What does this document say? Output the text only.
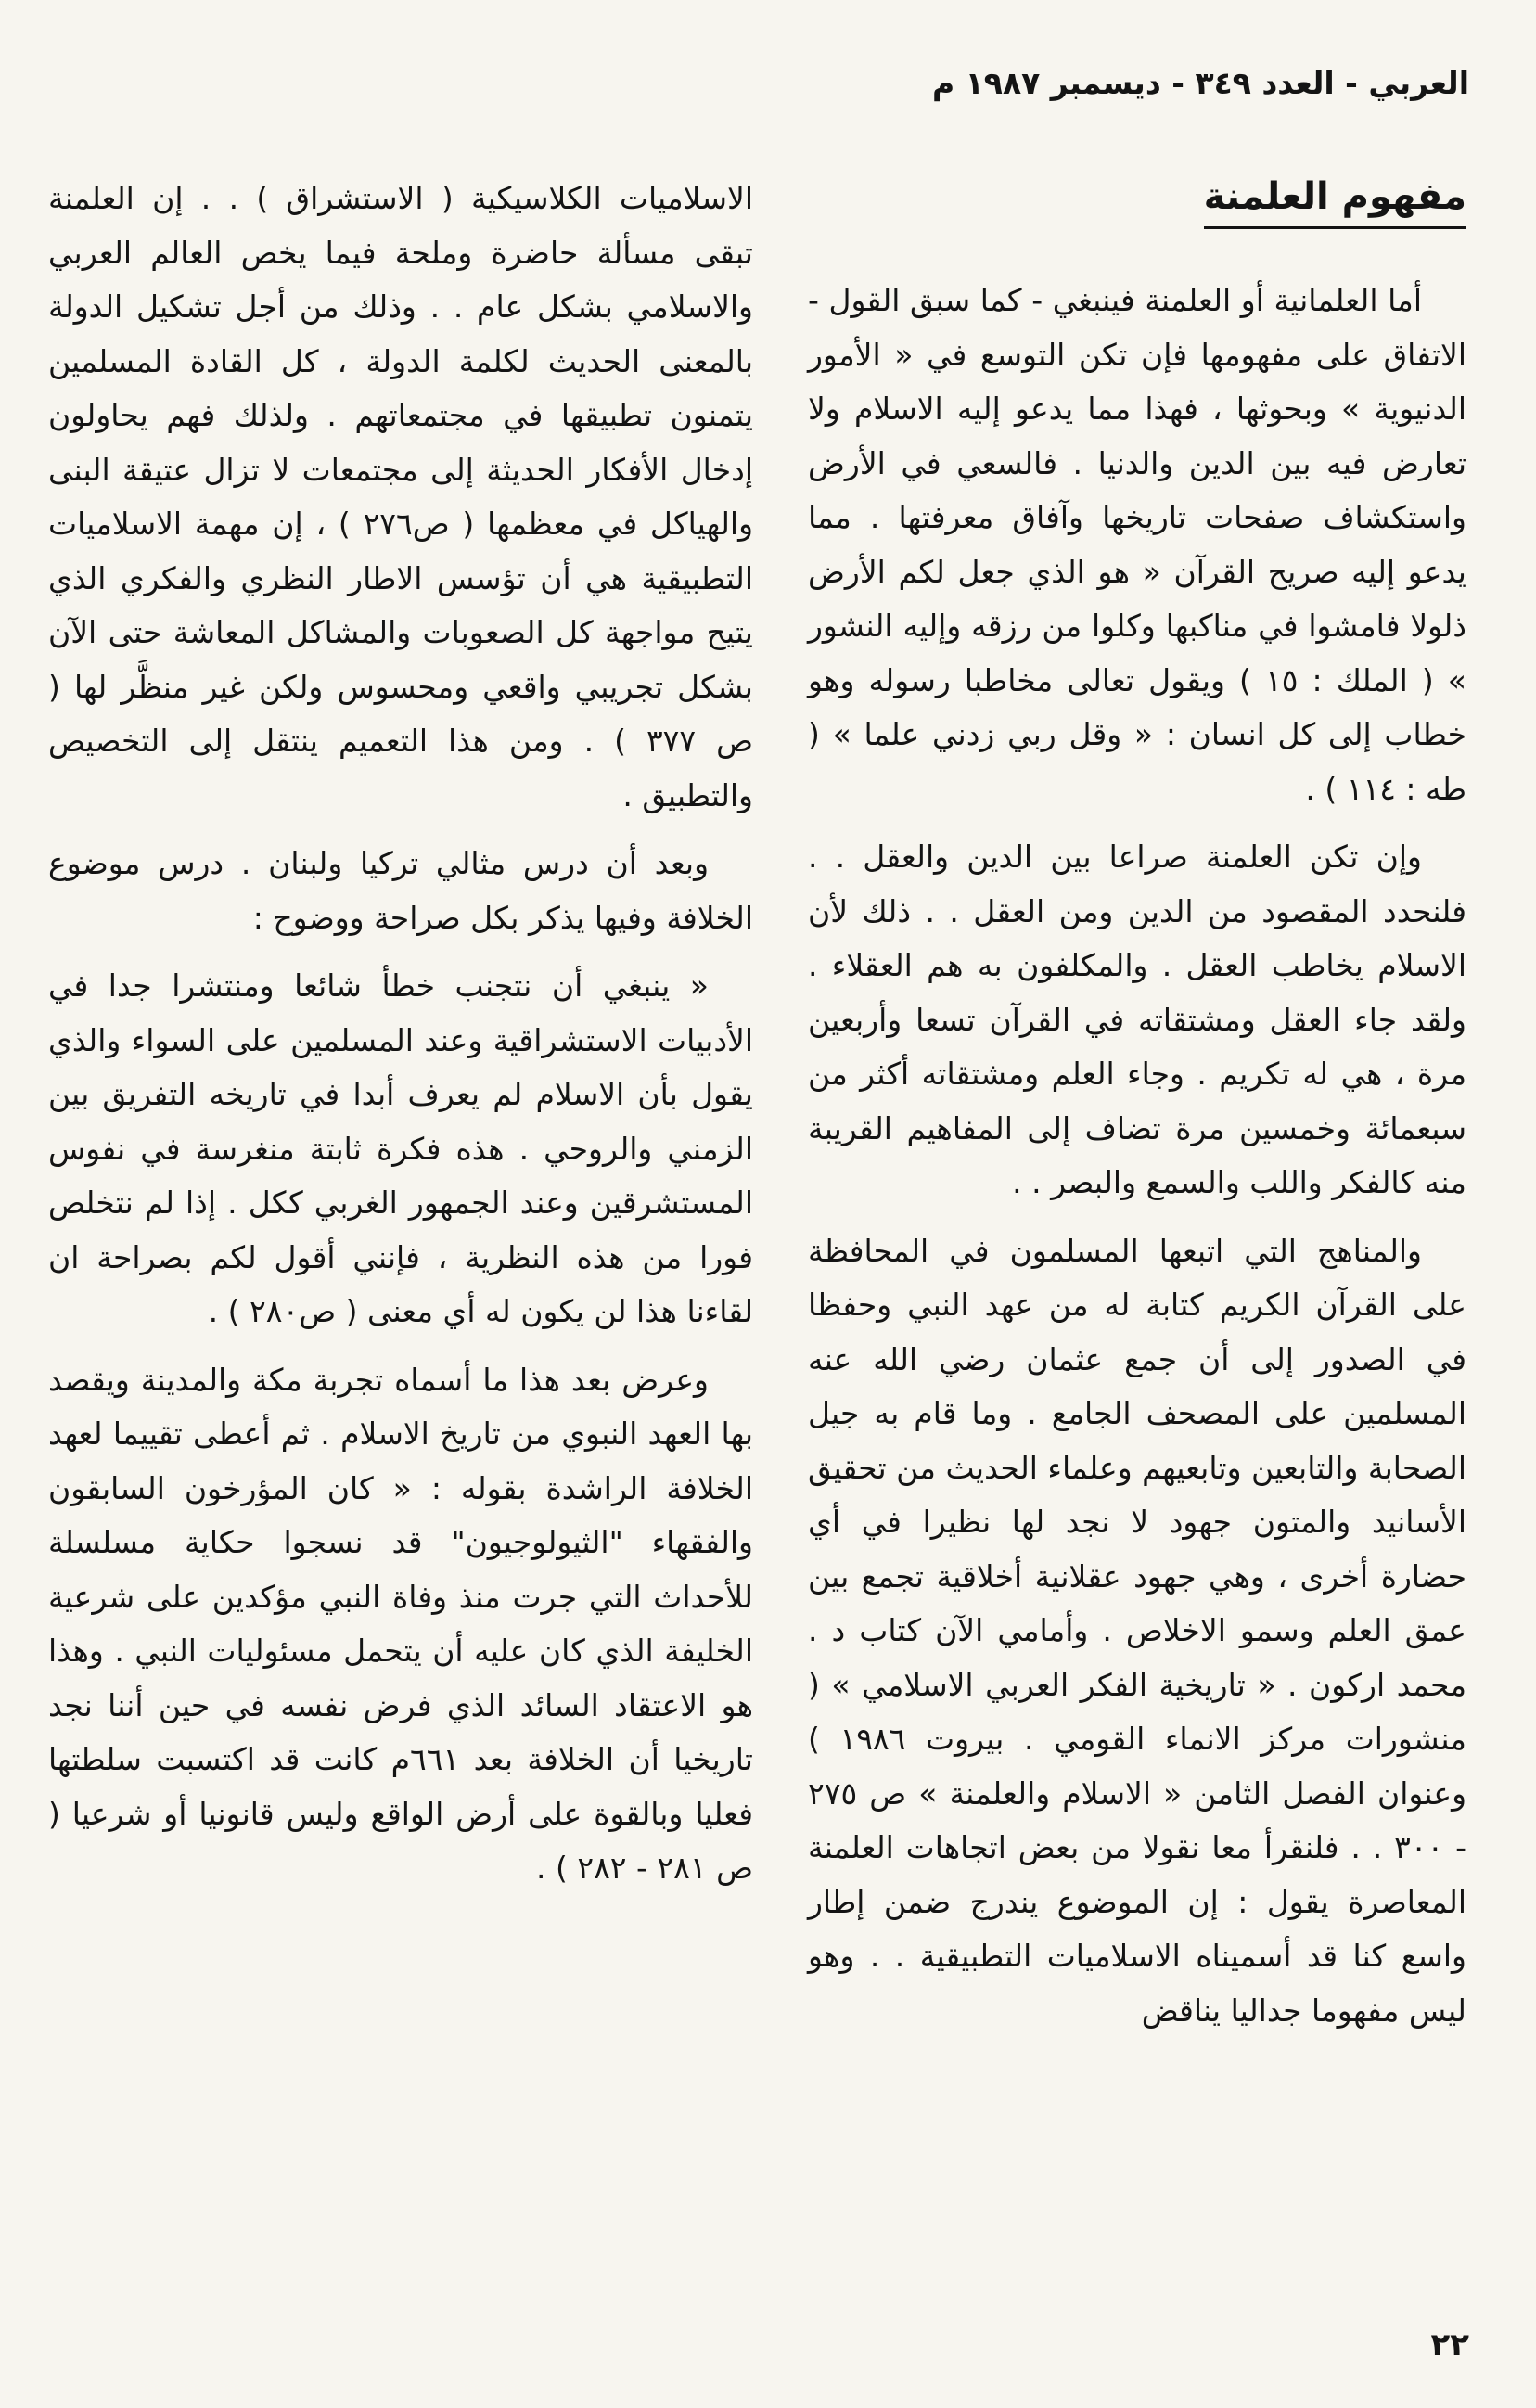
العربي - العدد ٣٤٩ - ديسمبر ١٩٨٧ م
مفهوم العلمنة

أما العلمانية أو العلمنة فينبغي - كما سبق القول - الاتفاق على مفهومها فإن تكن التوسع في « الأمور الدنيوية » وبحوثها ، فهذا مما يدعو إليه الاسلام ولا تعارض فيه بين الدين والدنيا . فالسعي في الأرض واستكشاف صفحات تاريخها وآفاق معرفتها . مما يدعو إليه صريح القرآن « هو الذي جعل لكم الأرض ذلولا فامشوا في مناكبها وكلوا من رزقه وإليه النشور » ( الملك : ١٥ ) ويقول تعالى مخاطبا رسوله وهو خطاب إلى كل انسان : « وقل ربي زدني علما » ( طه : ١١٤ ) .

وإن تكن العلمنة صراعا بين الدين والعقل . . فلنحدد المقصود من الدين ومن العقل . . ذلك لأن الاسلام يخاطب العقل . والمكلفون به هم العقلاء . ولقد جاء العقل ومشتقاته في القرآن تسعا وأربعين مرة ، هي له تكريم . وجاء العلم ومشتقاته أكثر من سبعمائة وخمسين مرة تضاف إلى المفاهيم القريبة منه كالفكر واللب والسمع والبصر . .

والمناهج التي اتبعها المسلمون في المحافظة على القرآن الكريم كتابة له من عهد النبي وحفظا في الصدور إلى أن جمع عثمان رضي الله عنه المسلمين على المصحف الجامع . وما قام به جيل الصحابة والتابعين وتابعيهم وعلماء الحديث من تحقيق الأسانيد والمتون جهود لا نجد لها نظيرا في أي حضارة أخرى ، وهي جهود عقلانية أخلاقية تجمع بين عمق العلم وسمو الاخلاص . وأمامي الآن كتاب د . محمد اركون . « تاريخية الفكر العربي الاسلامي » ( منشورات مركز الانماء القومي . بيروت ١٩٨٦ ) وعنوان الفصل الثامن « الاسلام والعلمنة » ص ٢٧٥ - ٣٠٠ . . فلنقرأ معا نقولا من بعض اتجاهات العلمنة المعاصرة يقول : إن الموضوع يندرج ضمن إطار واسع كنا قد أسميناه الاسلاميات التطبيقية . . وهو ليس مفهوما جداليا يناقض

الاسلاميات الكلاسيكية ( الاستشراق ) . . إن العلمنة تبقى مسألة حاضرة وملحة فيما يخص العالم العربي والاسلامي بشكل عام . . وذلك من أجل تشكيل الدولة بالمعنى الحديث لكلمة الدولة ، كل القادة المسلمين يتمنون تطبيقها في مجتمعاتهم . ولذلك فهم يحاولون إدخال الأفكار الحديثة إلى مجتمعات لا تزال عتيقة البنى والهياكل في معظمها ( ص٢٧٦ ) ، إن مهمة الاسلاميات التطبيقية هي أن تؤسس الاطار النظري والفكري الذي يتيح مواجهة كل الصعوبات والمشاكل المعاشة حتى الآن بشكل تجريبي واقعي ومحسوس ولكن غير منظَّر لها ( ص ٣٧٧ ) . ومن هذا التعميم ينتقل إلى التخصيص والتطبيق .

وبعد أن درس مثالي تركيا ولبنان . درس موضوع الخلافة وفيها يذكر بكل صراحة ووضوح :

« ينبغي أن نتجنب خطأ شائعا ومنتشرا جدا في الأدبيات الاستشراقية وعند المسلمين على السواء والذي يقول بأن الاسلام لم يعرف أبدا في تاريخه التفريق بين الزمني والروحي . هذه فكرة ثابتة منغرسة في نفوس المستشرقين وعند الجمهور الغربي ككل . إذا لم نتخلص فورا من هذه النظرية ، فإنني أقول لكم بصراحة ان لقاءنا هذا لن يكون له أي معنى ( ص٢٨٠ ) .

وعرض بعد هذا ما أسماه تجربة مكة والمدينة ويقصد بها العهد النبوي من تاريخ الاسلام . ثم أعطى تقييما لعهد الخلافة الراشدة بقوله : « كان المؤرخون السابقون والفقهاء "الثيولوجيون" قد نسجوا حكاية مسلسلة للأحداث التي جرت منذ وفاة النبي مؤكدين على شرعية الخليفة الذي كان عليه أن يتحمل مسئوليات النبي . وهذا هو الاعتقاد السائد الذي فرض نفسه في حين أننا نجد تاريخيا أن الخلافة بعد ٦٦١م كانت قد اكتسبت سلطتها فعليا وبالقوة على أرض الواقع وليس قانونيا أو شرعيا ( ص ٢٨١ - ٢٨٢ ) .

٢٢
